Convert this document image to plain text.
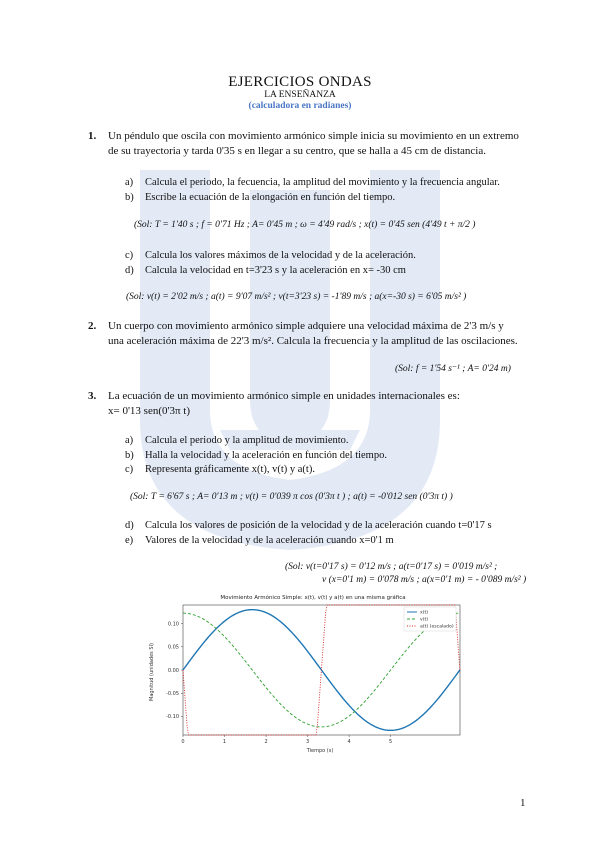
EJERCICIOS ONDAS
LA ENSEÑANZA
(calculadora en radianes)
1. Un péndulo que oscila con movimiento armónico simple inicia su movimiento en un extremo
de su trayectoria y tarda 0'35 s en llegar a su centro, que se halla a 45 cm de distancia.
a) Calcula el periodo, la fecuencia, la amplitud del movimiento y la frecuencia angular.
b) Escribe la ecuación de la elongación en función del tiempo.
(Sol: T = 1'40 s ; f = 0'71 Hz ; A= 0'45 m ; ω = 4'49 rad/s ; x(t) = 0'45 sen (4'49 t + π/2 )
c) Calcula los valores máximos de la velocidad y de la aceleración.
d) Calcula la velocidad en t=3'23 s y la aceleración en x= -30 cm
(Sol: v(t) = 2'02 m/s ; a(t) = 9'07 m/s² ; v(t=3'23 s) = -1'89 m/s ; a(x=-30 s) = 6'05 m/s² )
2. Un cuerpo con movimiento armónico simple adquiere una velocidad máxima de 2'3 m/s y
una aceleración máxima de 22'3 m/s². Calcula la frecuencia y la amplitud de las oscilaciones.
(Sol: f = 1'54 s⁻¹ ; A= 0'24 m)
3. La ecuación de un movimiento armónico simple en unidades internacionales es:
x= 0'13 sen(0'3π t)
a) Calcula el periodo y la amplitud de movimiento.
b) Halla la velocidad y la aceleración en función del tiempo.
c) Representa gráficamente x(t), v(t) y a(t).
(Sol: T = 6'67 s ; A= 0'13 m ; v(t) = 0'039 π cos (0'3π t ) ; a(t) = -0'012 sen (0'3π t) )
d) Calcula los valores de posición de la velocidad y de la aceleración cuando t=0'17 s
e) Valores de la velocidad y de la aceleración cuando x=0'1 m
(Sol: v(t=0'17 s) = 0'12 m/s ; a(t=0'17 s) = 0'019 m/s² ;
v (x=0'1 m) = 0'078 m/s ; a(x=0'1 m) = - 0'089 m/s² )
Movimiento Armónico Simple: x(t), v(t) y a(t) en una misma gráfica
0	1	2	3	4	5
-0.10
-0.05
0.00
0.05
0.10
x(t)
v(t)
a(t) (escalado)
Tiempo (s)
Magnitud (unidades SI)
1
